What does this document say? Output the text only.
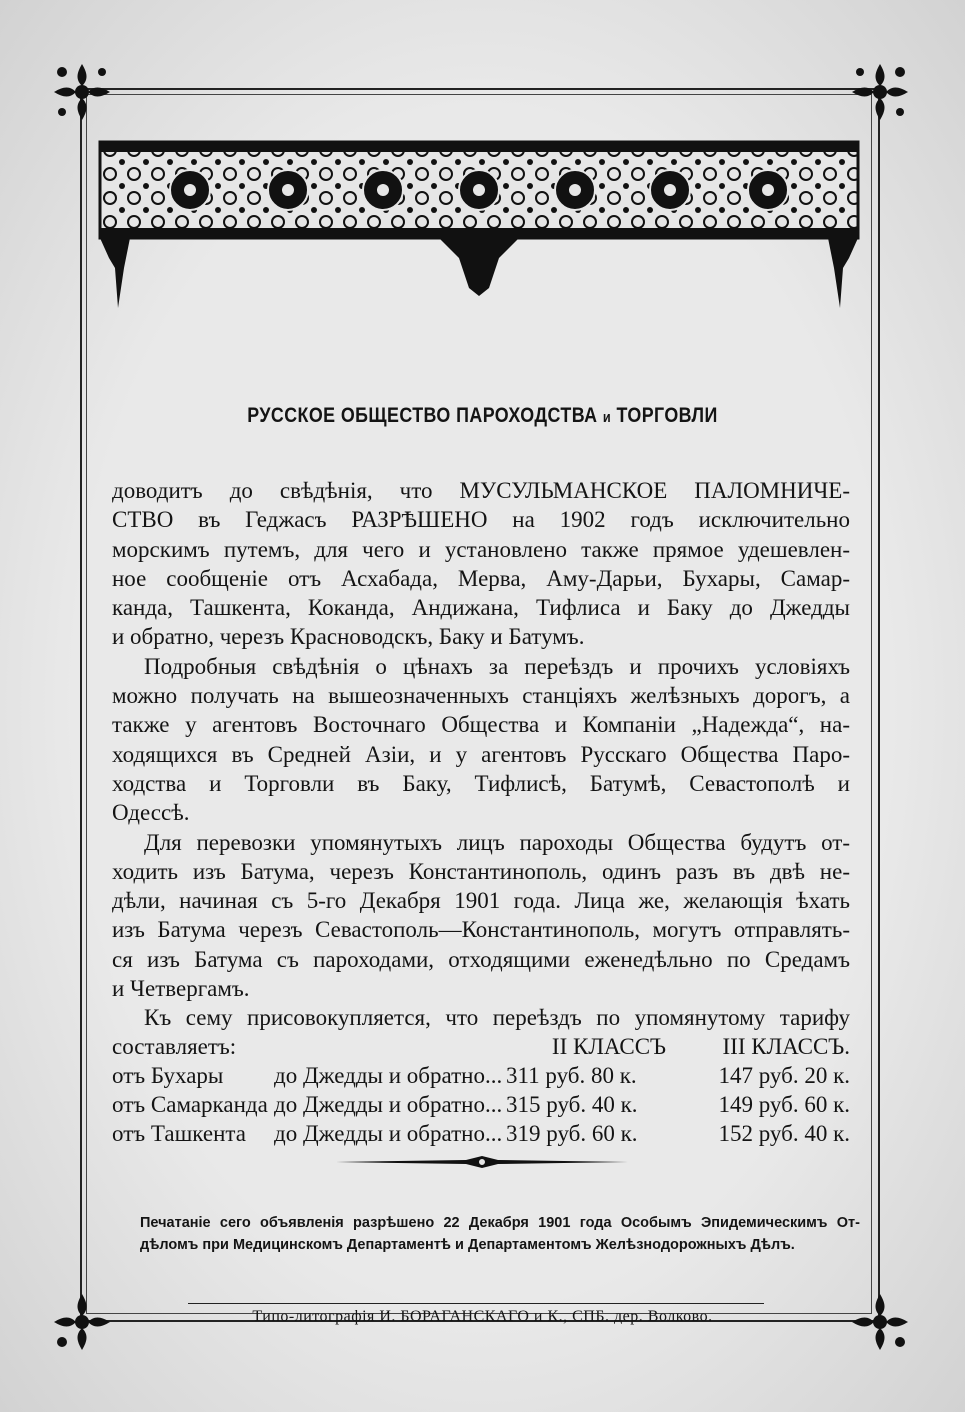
РУССКОЕ ОБЩЕСТВО ПАРОХОДСТВА и ТОРГОВЛИ
доводитъ до свѣдѣнія, что МУСУЛЬМАНСКОЕ ПАЛОМНИЧЕ-
СТВО въ Геджасъ РАЗРѢШЕНО на 1902 годъ исключительно
морскимъ путемъ, для чего и установлено также прямое удешевлен-
ное сообщеніе отъ Асхабада, Мерва, Аму-Дарьи, Бухары, Самар-
канда, Ташкента, Коканда, Андижана, Тифлиса и Баку до Джедды
и обратно, черезъ Красноводскъ, Баку и Батумъ.
Подробныя свѣдѣнія о цѣнахъ за переѣздъ и прочихъ условіяхъ
можно получать на вышеозначенныхъ станціяхъ желѣзныхъ дорогъ, а
также у агентовъ Восточнаго Общества и Компаніи „Надежда“, на-
ходящихся въ Средней Азіи, и у агентовъ Русскаго Общества Паро-
ходства и Торговли въ Баку, Тифлисѣ, Батумѣ, Севастополѣ и
Одессѣ.
Для перевозки упомянутыхъ лицъ пароходы Общества будутъ от-
ходить изъ Батума, черезъ Константинополь, одинъ разъ въ двѣ не-
дѣли, начиная съ 5-го Декабря 1901 года. Лица же, желающія ѣхать
изъ Батума черезъ Севастополь—Константинополь, могутъ отправлять-
ся изъ Батума съ пароходами, отходящими еженедѣльно по Средамъ
и Четвергамъ.
Къ сему присовокупляется, что переѣздъ по упомянутому тарифу
составляетъ:	II КЛАССЪ	III КЛАССЪ.
отъ Бухары	до Джедды и обратно... 311 руб. 80 к.	147 руб. 20 к.
отъ Самарканда до Джедды и обратно... 315 руб. 40 к.	149 руб. 60 к.
отъ Ташкента	до Джедды и обратно... 319 руб. 60 к.	152 руб. 40 к.
Печатаніе сего объявленія разрѣшено 22 Декабря 1901 года Особымъ Эпидемическимъ От-
дѣломъ при Медицинскомъ Департаментѣ и Департаментомъ Желѣзнодорожныхъ Дѣлъ.
Типо-литографія И. БОРАГАНСКАГО и К., СПБ. дер. Волково.
